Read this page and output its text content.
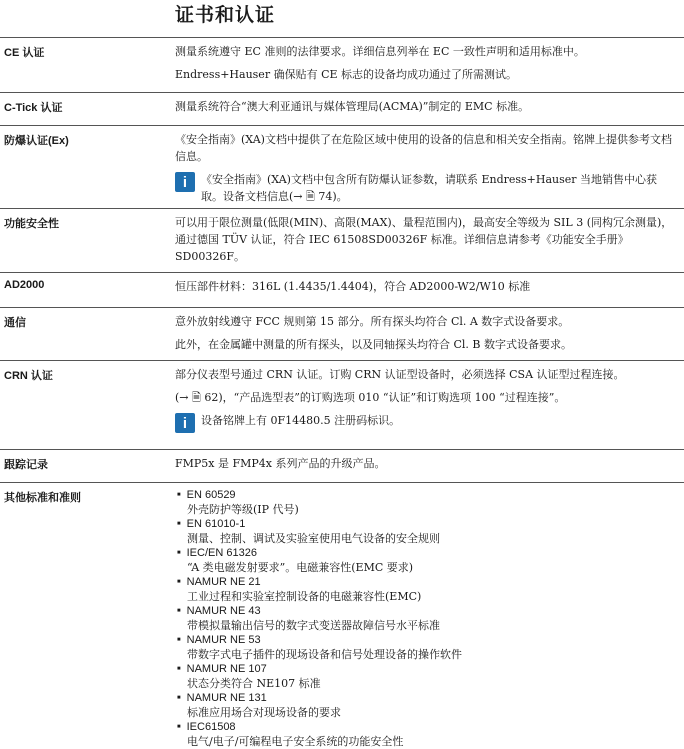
证书和认证
CE 认证	测量系统遵守 EC 准则的法律要求。详细信息列举在 EC 一致性声明和适用标准中。

Endress+Hauser 确保贴有 CE 标志的设备均成功通过了所需测试。

C-Tick 认证	测量系统符合“澳大利亚通讯与媒体管理局(ACMA)”制定的 EMC 标准。

防爆认证(Ex)	《安全指南》(XA)文档中提供了在危险区域中使用的设备的信息和相关安全指南。铭牌上提供参考文档信息。

i	《安全指南》(XA)文档中包含所有防爆认证参数，请联系 Endress+Hauser 当地销售中心获取。设备文档信息(→ 🗎 74)。
功能安全性	可以用于限位测量(低限(MIN)、高限(MAX)、量程范围内)，最高安全等级为 SIL 3 (同构冗余测量)，通过德国 TÜV 认证，符合 IEC 61508SD00326F 标准。详细信息请参考《功能安全手册》SD00326F。

AD2000	恒压部件材料：316L (1.4435/1.4404)，符合 AD2000-W2/W10 标准

通信	意外放射线遵守 FCC 规则第 15 部分。所有探头均符合 Cl. A 数字式设备要求。

此外，在金属罐中测量的所有探头，以及同轴探头均符合 Cl. B 数字式设备要求。

CRN 认证	部分仪表型号通过 CRN 认证。订购 CRN 认证型设备时，必须选择 CSA 认证型过程连接。

(→ 🗎 62)，“产品选型表”的订购选项 010 “认证”和订购选项 100 “过程连接”。

i	设备铭牌上有 0F14480.5 注册码标识。
跟踪记录	FMP5x 是 FMP4x 系列产品的升级产品。

其他标准和准则
■	EN 60529
外壳防护等级(IP 代号)
■ EN 61010-1
测量、控制、调试及实验室使用电气设备的安全规则
■ IEC/EN 61326
“A 类电磁发射要求”。电磁兼容性(EMC 要求)
■ NAMUR NE 21
工业过程和实验室控制设备的电磁兼容性(EMC)
■ NAMUR NE 43
带模拟量输出信号的数字式变送器故障信号水平标准
■ NAMUR NE 53
带数字式电子插件的现场设备和信号处理设备的操作软件
■ NAMUR NE 107
状态分类符合 NE107 标准
■ NAMUR NE 131
标准应用场合对现场设备的要求
■ IEC61508
电气/电子/可编程电子安全系统的功能安全性
